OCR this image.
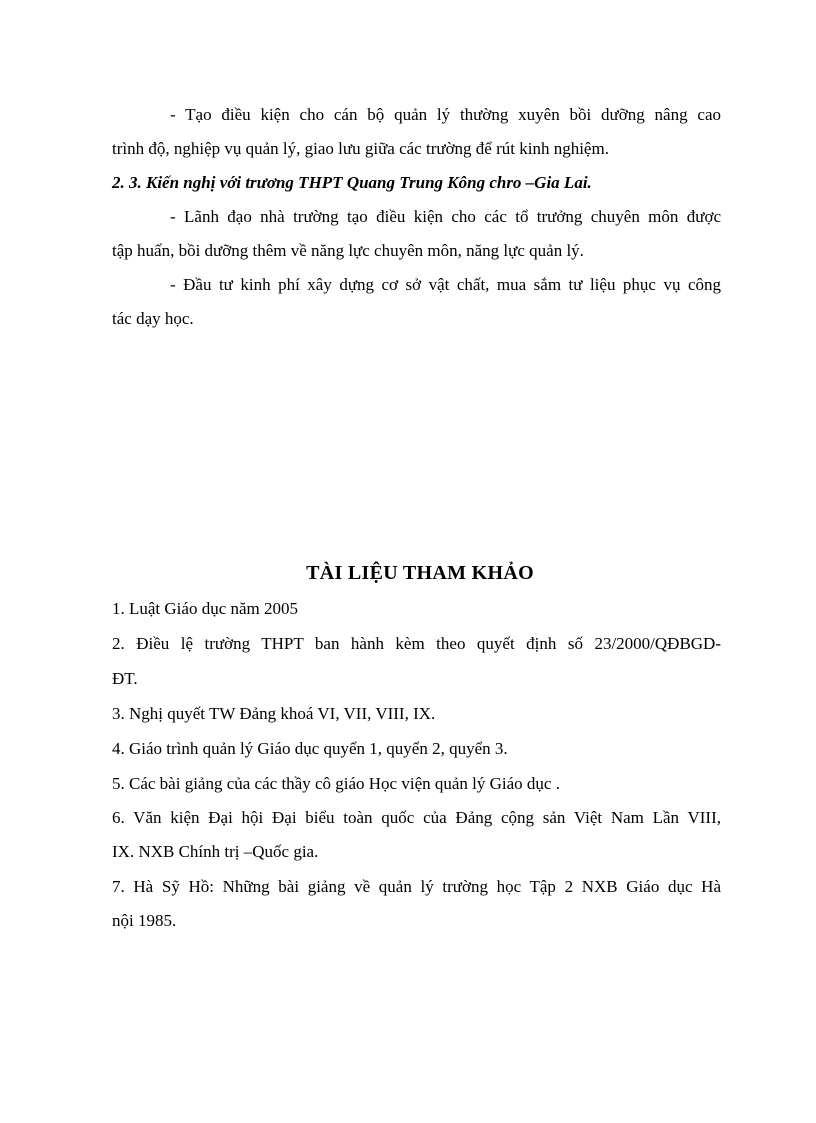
- Tạo điều kiện cho cán bộ quản lý thường xuyên bồi dưỡng nâng cao
trình độ, nghiệp vụ quản lý, giao lưu giữa các trường để rút kinh nghiệm.
2. 3. Kiến nghị với trương THPT Quang Trung Kông chro –Gia Lai.
- Lãnh đạo nhà trường tạo điều kiện cho các tổ trưởng chuyên môn được
tập huấn, bồi dưỡng thêm về năng lực chuyên môn, năng lực quản lý.
- Đầu tư kinh phí xây dựng cơ sở vật chất, mua sắm tư liệu phục vụ công
tác dạy học.
TÀI LIỆU THAM KHẢO
1. Luật Giáo dục năm 2005
2. Điều lệ trường THPT ban hành kèm theo quyết định số 23/2000/QĐBGD-
ĐT.
3. Nghị quyết TW Đảng khoá VI, VII, VIII, IX.
4. Giáo trình quản lý Giáo dục quyển 1, quyển 2, quyển 3.
5. Các bài giảng của các thầy cô giáo Học viện quản lý Giáo dục .
6. Văn kiện Đại hội Đại biểu toàn quốc của Đảng cộng sản Việt Nam Lần VIII,
IX. NXB Chính trị –Quốc gia.
7. Hà Sỹ Hồ: Những bài giảng về quản lý trường học Tập 2 NXB Giáo dục Hà
nội 1985.
